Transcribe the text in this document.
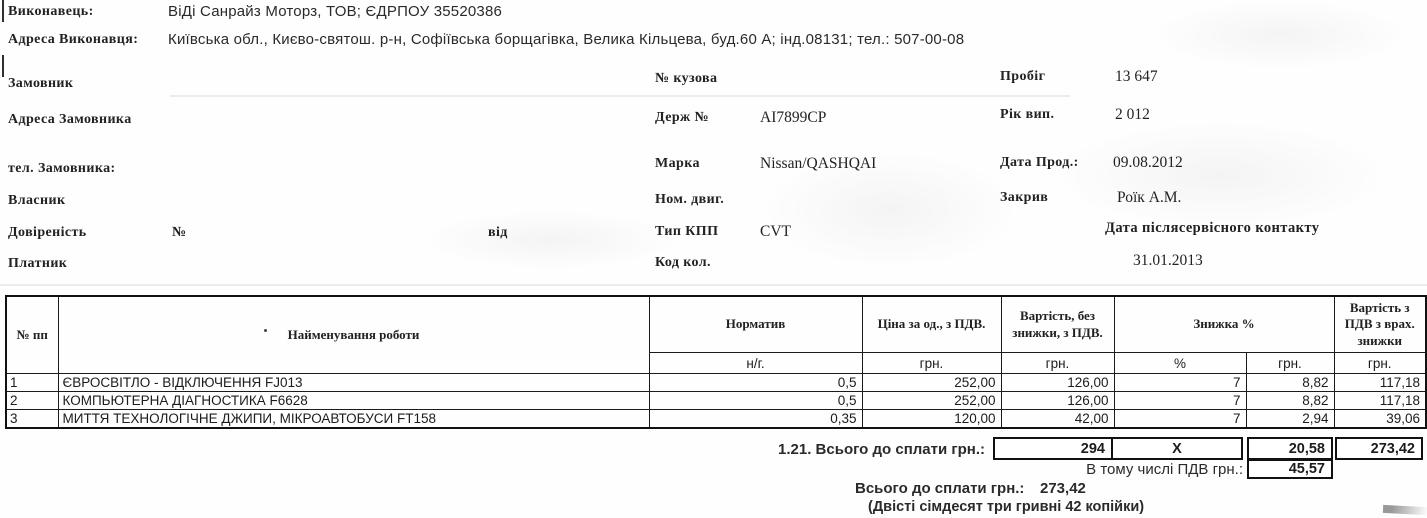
Виконавець:	ВіДі Санрайз Моторз, ТОВ; ЄДРПОУ 35520386
Адреса Виконавця: Київська обл., Києво-святош. р-н, Софіївська борщагівка, Велика Кільцева, буд.60 А; інд.08131; тел.: 507-00-08
Замовник
Адреса Замовника
тел. Замовника:
Власник
Довіреність	№	від
Платник
№ кузова
Держ №	AI7899CP
Марка	Nissan/QASHQAI
Ном. двиг.
Тип КПП	CVT
Код кол.
Пробіг	13 647
Рік вип.	2 012
Дата Прод.: 09.08.2012
Закрив	Роїк А.М.
Дата післясервісного контакту
31.01.2013
№ пп	Найменування роботи	Норматив	Ціна за од., з ПДВ.	Вартість, без знижки, з ПДВ.	Знижка %		Вартість з ПДВ з врах. знижки
		н/г.	грн.	грн.	%	грн.	грн.
1	ЄВРОСВІТЛО - ВІДКЛЮЧЕННЯ FJ013	0,5	252,00	126,00	7	8,82	117,18
2	КОМПЬЮТЕРНА ДІАГНОСТИКА F6628	0,5	252,00	126,00	7	8,82	117,18
3	МИТТЯ ТЕХНОЛОГІЧНЕ ДЖИПИ, МІКРОАВТОБУСИ FT158	0,35	120,00	42,00	7	2,94	39,06
1.21. Всього до сплати грн.:	294	X	20,58	273,42
В тому числі ПДВ грн.:	45,57
Всього до сплати грн.: 273,42
(Двісті сімдесят три гривні 42 копійки)
